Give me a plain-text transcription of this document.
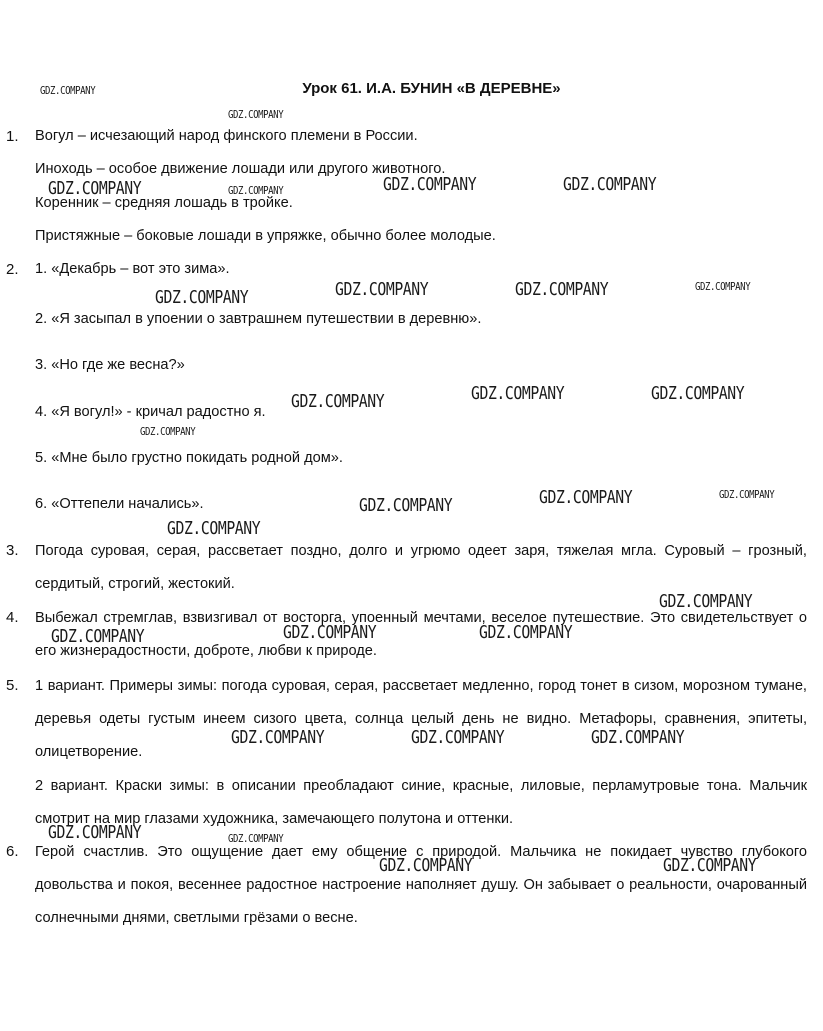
Урок 61. И.А. БУНИН «В ДЕРЕВНЕ»
1. Вогул – исчезающий народ финского племени в России.
Иноходь – особое движение лошади или другого животного.
Коренник – средняя лошадь в тройке.
Пристяжные – боковые лошади в упряжке, обычно более молодые.
2. 1. «Декабрь – вот это зима».
2. «Я засыпал в упоении о завтрашнем путешествии в деревню».
3. «Но где же весна?»
4. «Я вогул!» - кричал радостно я.
5. «Мне было грустно покидать родной дом».
6. «Оттепели начались».
3. Погода суровая, серая, рассветает поздно, долго и угрюмо одеет заря, тяжелая мгла. Суровый – грозный, сердитый, строгий, жестокий.
4. Выбежал стремглав, взвизгивал от восторга, упоенный мечтами, веселое путешествие. Это свидетельствует о его жизнерадостности, доброте, любви к природе.
5. 1 вариант. Примеры зимы: погода суровая, серая, рассветает медленно, город тонет в сизом, морозном тумане, деревья одеты густым инеем сизого цвета, солнца целый день не видно. Метафоры, сравнения, эпитеты, олицетворение.
2 вариант. Краски зимы: в описании преобладают синие, красные, лиловые, перламутровые тона. Мальчик смотрит на мир глазами художника, замечающего полутона и оттенки.
6. Герой счастлив. Это ощущение дает ему общение с природой. Мальчика не покидает чувство глубокого довольства и покоя, весеннее радостное настроение наполняет душу. Он забывает о реальности, очарованный солнечными днями, светлыми грёзами о весне.
GDZ.COMPANY
GDZ.COMPANY
GDZ.COMPANY	GDZ.COMPANY	GDZ.COMPANY	GDZ.COMPANY
GDZ.COMPANY	GDZ.COMPANY	GDZ.COMPANY	GDZ.COMPANY
GDZ.COMPANY	GDZ.COMPANY	GDZ.COMPANY
GDZ.COMPANY
GDZ.COMPANY	GDZ.COMPANY	GDZ.COMPANY
GDZ.COMPANY
GDZ.COMPANY
GDZ.COMPANY	GDZ.COMPANY	GDZ.COMPANY
GDZ.COMPANY	GDZ.COMPANY	GDZ.COMPANY
GDZ.COMPANY	GDZ.COMPANY
GDZ.COMPANY	GDZ.COMPANY
